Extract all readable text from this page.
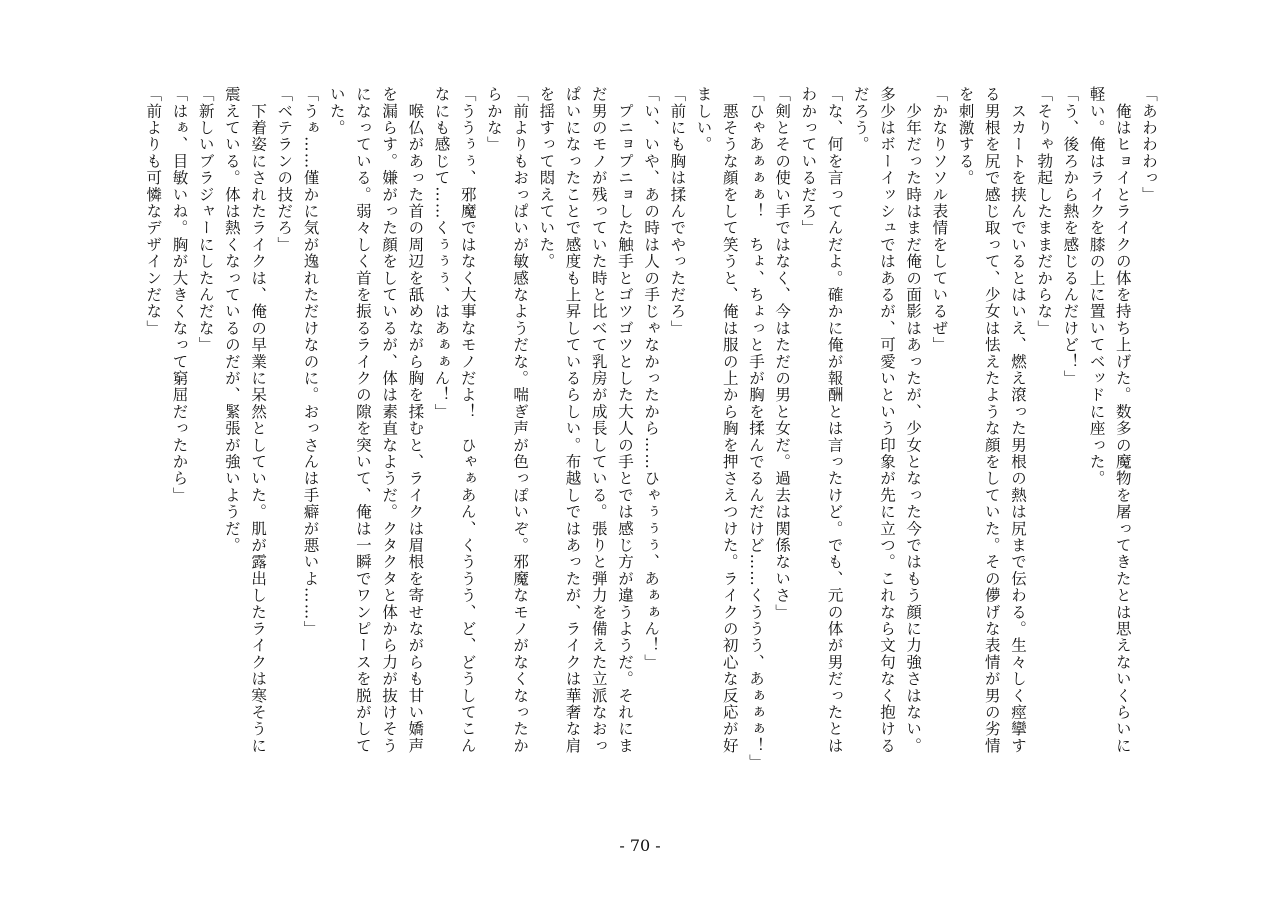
「あわわわっ」
　俺はヒョイとライクの体を持ち上げた。数多の魔物を屠ってきたとは思えないくらいに
軽い。俺はライクを膝の上に置いてベッドに座った。
「う、後ろから熱を感じるんだけど！」
「そりゃ勃起したままだからな」
　スカートを挟んでいるとはいえ、燃え滾った男根の熱は尻まで伝わる。生々しく痙攣す
る男根を尻で感じ取って、少女は怯えたような顔をしていた。その儚げな表情が男の劣情
を刺激する。
「かなりソソル表情をしているぜ」
　少年だった時はまだ俺の面影はあったが、少女となった今ではもう顔に力強さはない。
多少はボーイッシュではあるが、可愛いという印象が先に立つ。これなら文句なく抱ける
だろう。
「な、何を言ってんだよ。確かに俺が報酬とは言ったけど。でも、元の体が男だったとは
わかっているだろ」
「剣とその使い手ではなく、今はただの男と女だ。過去は関係ないさ」
「ひゃあぁぁぁ！　ちょ、ちょっと手が胸を揉んでるんだけど……くううう、あぁぁぁ！」
　悪そうな顔をして笑うと、俺は服の上から胸を押さえつけた。ライクの初心な反応が好
ましい。
「前にも胸は揉んでやっただろ」
「い、いや、あの時は人の手じゃなかったから……ひゃぅぅぅ、あぁぁん！」
　プニョプニョした触手とゴツゴツとした大人の手とでは感じ方が違うようだ。それにま
だ男のモノが残っていた時と比べて乳房が成長している。張りと弾力を備えた立派なおっ
ぱいになったことで感度も上昇しているらしい。布越しではあったが、ライクは華奢な肩
を揺すって悶えていた。
「前よりもおっぱいが敏感なようだな。喘ぎ声が色っぽいぞ。邪魔なモノがなくなったか
らかな」
「ううぅぅ、邪魔ではなく大事なモノだよ！　ひゃぁあん、くううう、ど、どうしてこん
なにも感じて……くぅぅぅ、はあぁぁん！」
　喉仏があった首の周辺を舐めながら胸を揉むと、ライクは眉根を寄せながらも甘い嬌声
を漏らす。嫌がった顔をしているが、体は素直なようだ。クタクタと体から力が抜けそう
になっている。弱々しく首を振るライクの隙を突いて、俺は一瞬でワンピースを脱がして
いた。
「うぁ……僅かに気が逸れただけなのに。おっさんは手癖が悪いよ……」
「ベテランの技だろ」
　下着姿にされたライクは、俺の早業に呆然としていた。肌が露出したライクは寒そうに
震えている。体は熱くなっているのだが、緊張が強いようだ。
「新しいブラジャーにしたんだな」
「はぁ、目敏いね。胸が大きくなって窮屈だったから」
「前よりも可憐なデザインだな」
- 70 -
